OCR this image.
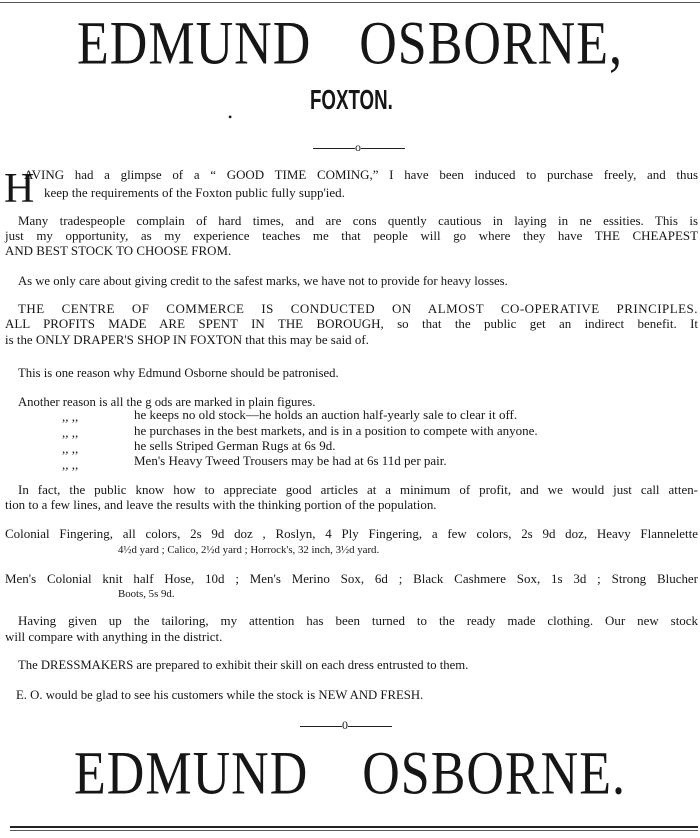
EDMUND OSBORNE,
•
FOXTON.
o
H
AVING had a glimpse of a “ GOOD TIME COMING,” I have been induced to purchase freely, and thus
keep the requirements of the Foxton public fully supp'ied.
Many tradespeople complain of hard times, and are cons quently cautious in laying in ne essities. This is
just my opportunity, as my experience teaches me that people will go where they have THE CHEAPEST
AND BEST STOCK TO CHOOSE FROM.
As we only care about giving credit to the safest marks, we have not to provide for heavy losses.
THE CENTRE OF COMMERCE IS CONDUCTED ON ALMOST CO-OPERATIVE PRINCIPLES.
ALL PROFITS MADE ARE SPENT IN THE BOROUGH, so that the public get an indirect benefit. It
is the ONLY DRAPER'S SHOP IN FOXTON that this may be said of.
This is one reason why Edmund Osborne should be patronised.
Another reason is all the g ods are marked in plain figures.
,, ,,	he keeps no old stock—he holds an auction half-yearly sale to clear it off.
,, ,,	he purchases in the best markets, and is in a position to compete with anyone.
,, ,,	he sells Striped German Rugs at 6s 9d.
,, ,,	Men's Heavy Tweed Trousers may be had at 6s 11d per pair.
In fact, the public know how to appreciate good articles at a minimum of profit, and we would just call atten-
tion to a few lines, and leave the results with the thinking portion of the population.
Colonial Fingering, all colors, 2s 9d doz , Roslyn, 4 Ply Fingering, a few colors, 2s 9d doz, Heavy Flannelette
4½d yard ; Calico, 2½d yard ; Horrock's, 32 inch, 3½d yard.
Men's Colonial knit half Hose, 10d ; Men's Merino Sox, 6d ; Black Cashmere Sox, 1s 3d ; Strong Blucher
Boots, 5s 9d.
Having given up the tailoring, my attention has been turned to the ready made clothing. Our new stock
will compare with anything in the district.
The DRESSMAKERS are prepared to exhibit their skill on each dress entrusted to them.
E. O. would be glad to see his customers while the stock is NEW AND FRESH.
0
EDMUND OSBORNE.
